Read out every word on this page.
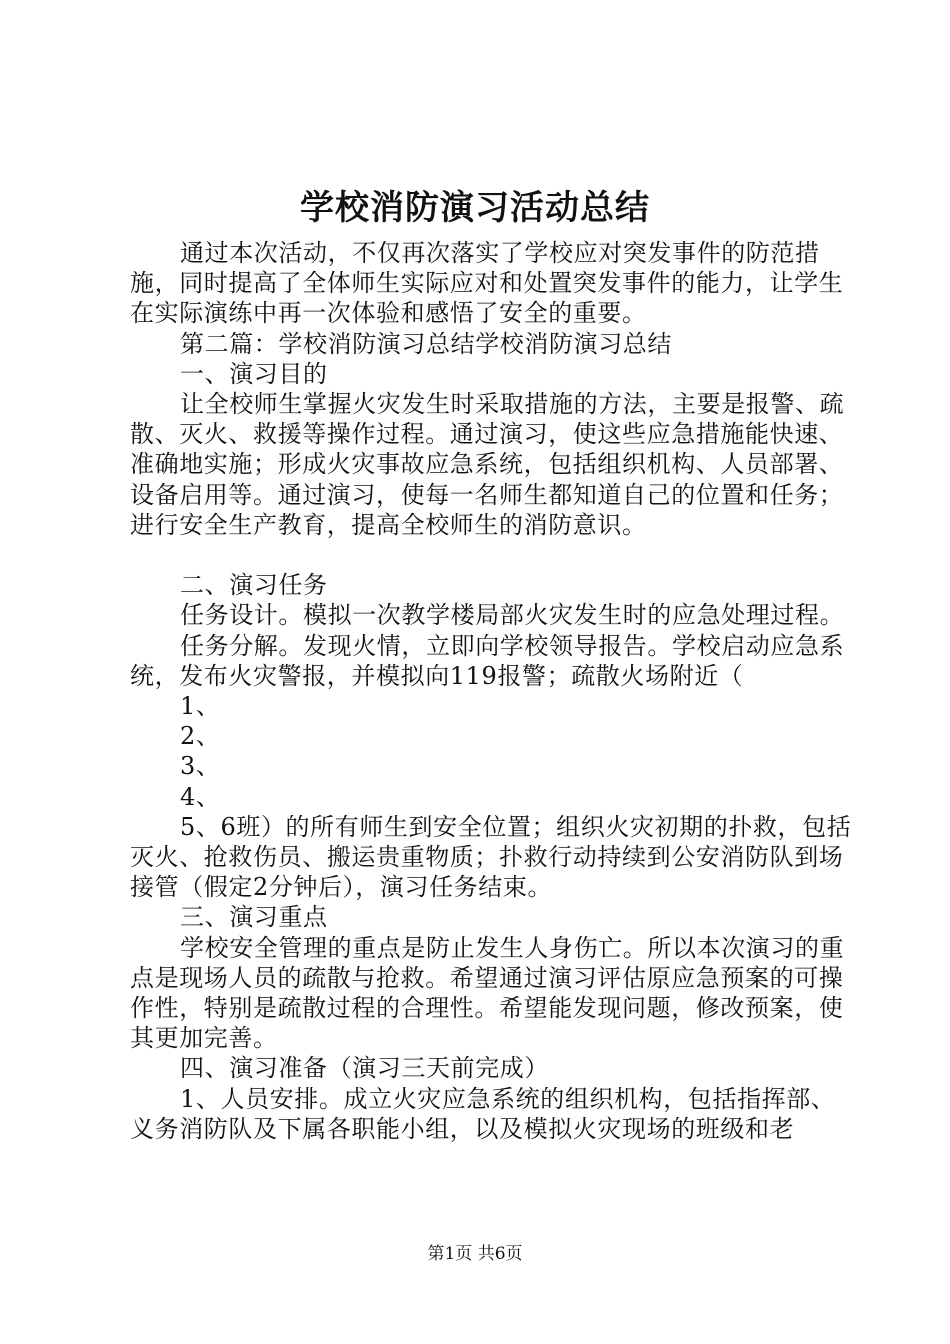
学校消防演习活动总结

通过本次活动，不仅再次落实了学校应对突发事件的防范措施，同时提高了全体师生实际应对和处置突发事件的能力，让学生在实际演练中再一次体验和感悟了安全的重要。

第二篇：学校消防演习总结学校消防演习总结

一、演习目的

让全校师生掌握火灾发生时采取措施的方法，主要是报警、疏散、灭火、救援等操作过程。通过演习，使这些应急措施能快速、准确地实施；形成火灾事故应急系统，包括组织机构、人员部署、设备启用等。通过演习，使每一名师生都知道自己的位置和任务；进行安全生产教育，提高全校师生的消防意识。

二、演习任务

任务设计。模拟一次教学楼局部火灾发生时的应急处理过程。

任务分解。发现火情，立即向学校领导报告。学校启动应急系统，发布火灾警报，并模拟向119报警；疏散火场附近（

1、

2、

3、

4、

5、6班）的所有师生到安全位置；组织火灾初期的扑救，包括灭火、抢救伤员、搬运贵重物质；扑救行动持续到公安消防队到场接管（假定2分钟后），演习任务结束。

三、演习重点

学校安全管理的重点是防止发生人身伤亡。所以本次演习的重点是现场人员的疏散与抢救。希望通过演习评估原应急预案的可操作性，特别是疏散过程的合理性。希望能发现问题，修改预案，使其更加完善。

四、演习准备（演习三天前完成）

1、人员安排。成立火灾应急系统的组织机构，包括指挥部、义务消防队及下属各职能小组，以及模拟火灾现场的班级和老

第1页 共6页
